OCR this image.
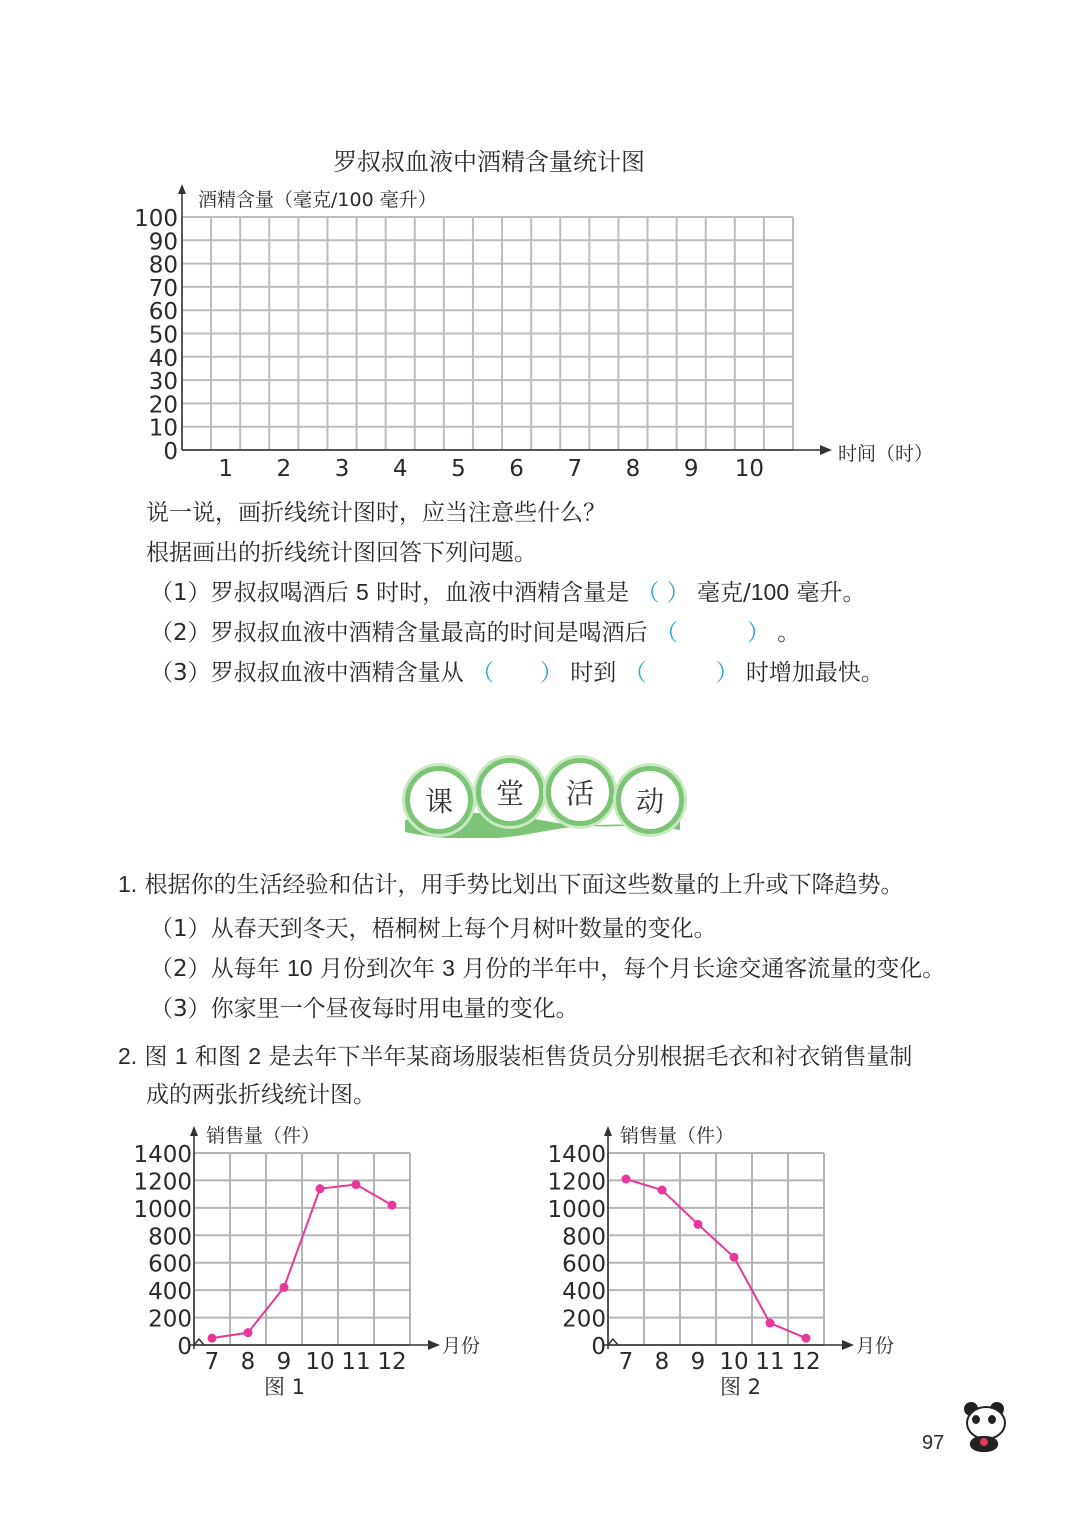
罗叔叔血液中酒精含量统计图
100
90
80
70
60
50
40
30
20
10
0
1 2 3 4 5 6 7 8 9 10
酒精含量（毫克/100 毫升）
时间（时）
说一说，画折线统计图时，应当注意些什么？
根据画出的折线统计图回答下列问题。
（1）罗叔叔喝酒后 5 时时，血液中酒精含量是 （ ） 毫克/100 毫升。
（2）罗叔叔血液中酒精含量最高的时间是喝酒后 （　　　） 。
（3）罗叔叔血液中酒精含量从 （　　） 时到 （　　　） 时增加最快。
课	堂	活	动
1. 根据你的生活经验和估计，用手势比划出下面这些数量的上升或下降趋势。
（1）从春天到冬天，梧桐树上每个月树叶数量的变化。
（2）从每年 10 月份到次年 3 月份的半年中，每个月长途交通客流量的变化。
（3）你家里一个昼夜每时用电量的变化。
2. 图 1 和图 2 是去年下半年某商场服装柜售货员分别根据毛衣和衬衣销售量制
成的两张折线统计图。
1400
1200
1000
800
600
400
200
0
7 8 9 10 11 12
销售量（件）
月份
图 1
1400
1200
1000
800
600
400
200
0
7 8 9 10 11 12
销售量（件）
月份
图 2
97
